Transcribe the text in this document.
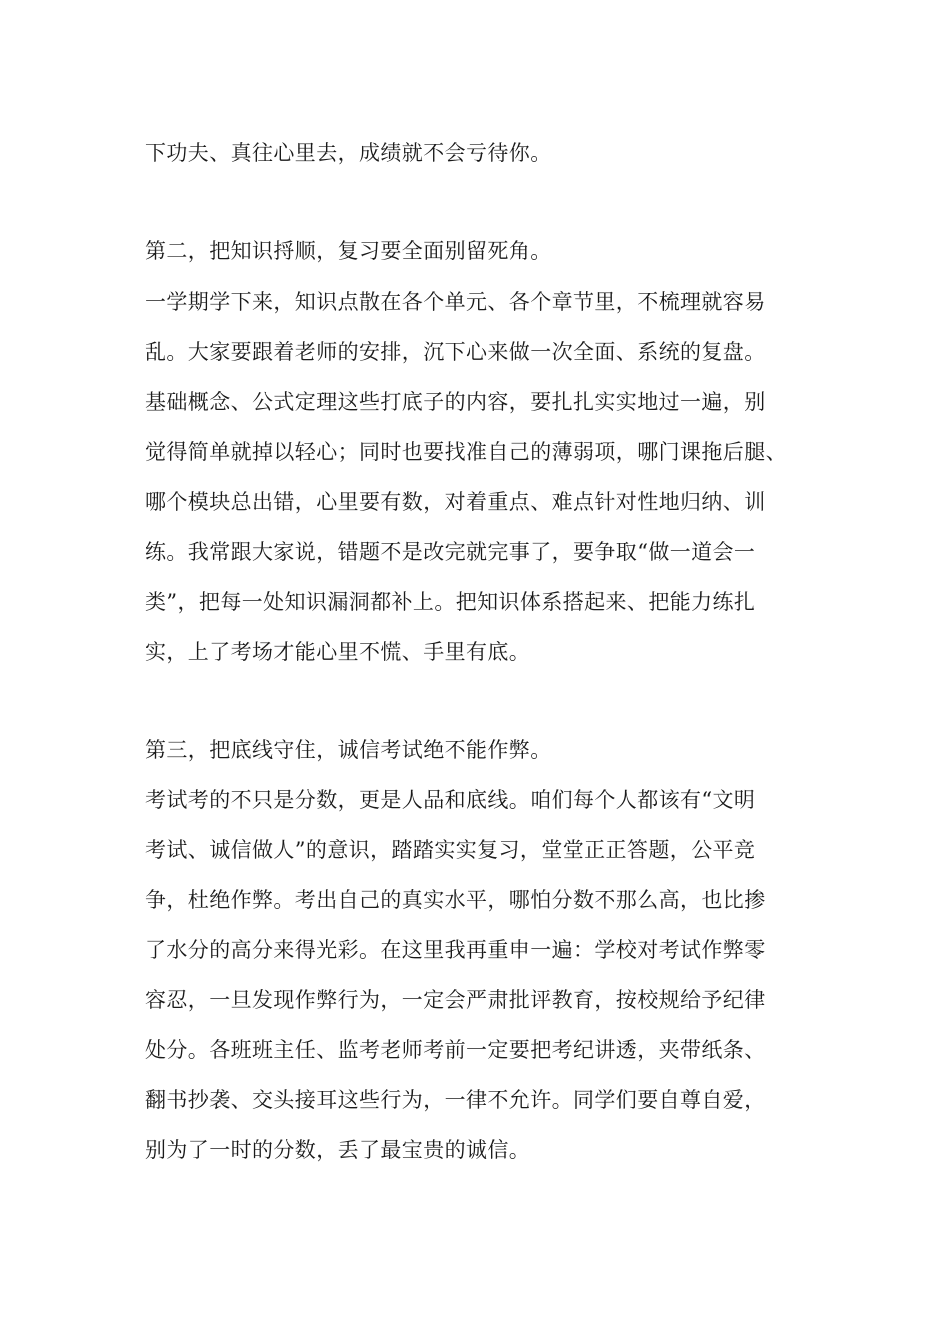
下功夫、真往心里去，成绩就不会亏待你。
第二，把知识捋顺，复习要全面别留死角。
一学期学下来，知识点散在各个单元、各个章节里，不梳理就容易
乱。大家要跟着老师的安排，沉下心来做一次全面、系统的复盘。
基础概念、公式定理这些打底子的内容，要扎扎实实地过一遍，别
觉得简单就掉以轻心；同时也要找准自己的薄弱项，哪门课拖后腿、
哪个模块总出错，心里要有数，对着重点、难点针对性地归纳、训
练。我常跟大家说，错题不是改完就完事了，要争取“做一道会一
类”，把每一处知识漏洞都补上。把知识体系搭起来、把能力练扎
实，上了考场才能心里不慌、手里有底。
第三，把底线守住，诚信考试绝不能作弊。
考试考的不只是分数，更是人品和底线。咱们每个人都该有“文明
考试、诚信做人”的意识，踏踏实实复习，堂堂正正答题，公平竞
争，杜绝作弊。考出自己的真实水平，哪怕分数不那么高，也比掺
了水分的高分来得光彩。在这里我再重申一遍：学校对考试作弊零
容忍，一旦发现作弊行为，一定会严肃批评教育，按校规给予纪律
处分。各班班主任、监考老师考前一定要把考纪讲透，夹带纸条、
翻书抄袭、交头接耳这些行为，一律不允许。同学们要自尊自爱，
别为了一时的分数，丢了最宝贵的诚信。
